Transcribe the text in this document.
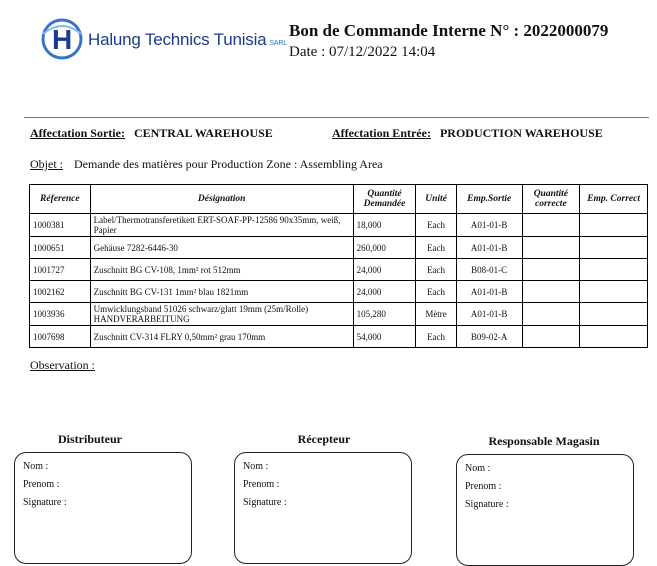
H Halung Technics Tunisia SARL
Bon de Commande Interne N° : 2022000079
Date : 07/12/2022 14:04
Affectation Sortie: CENTRAL WAREHOUSE	Affectation Entrée: PRODUCTION WAREHOUSE
Objet : Demande des matières pour Production Zone : Assembling Area
Réference	Désignation	Quantité Demandée	Unité	Emp.Sortie	Quantité correcte	Emp. Correct
1000381	Label/Thermotransferetikett ERT-SOAF-PP-12586 90x35mm, weiß, Papier	18,000	Each	A01-01-B		
1000651	Gehäuse 7282-6446-30	260,000	Each	A01-01-B		
1001727	Zuschnitt BG CV-108, 1mm² rot 512mm	24,000	Each	B08-01-C		
1002162	Zuschnitt BG CV-131 1mm² blau 1821mm	24,000	Each	A01-01-B		
1003936	Umwicklungsband 51026 schwarz/glatt 19mm (25m/Rolle) HANDVERARBEITUNG	105,280	Mètre	A01-01-B		
1007698	Zuschnitt CV-314 FLRY 0,50mm² grau 170mm	54,000	Each	B09-02-A		
Observation :
Distributeur
Nom :
Prenom :
Signature :
Récepteur
Nom :
Prenom :
Signature :
Responsable Magasin
Nom :
Prenom :
Signature :
